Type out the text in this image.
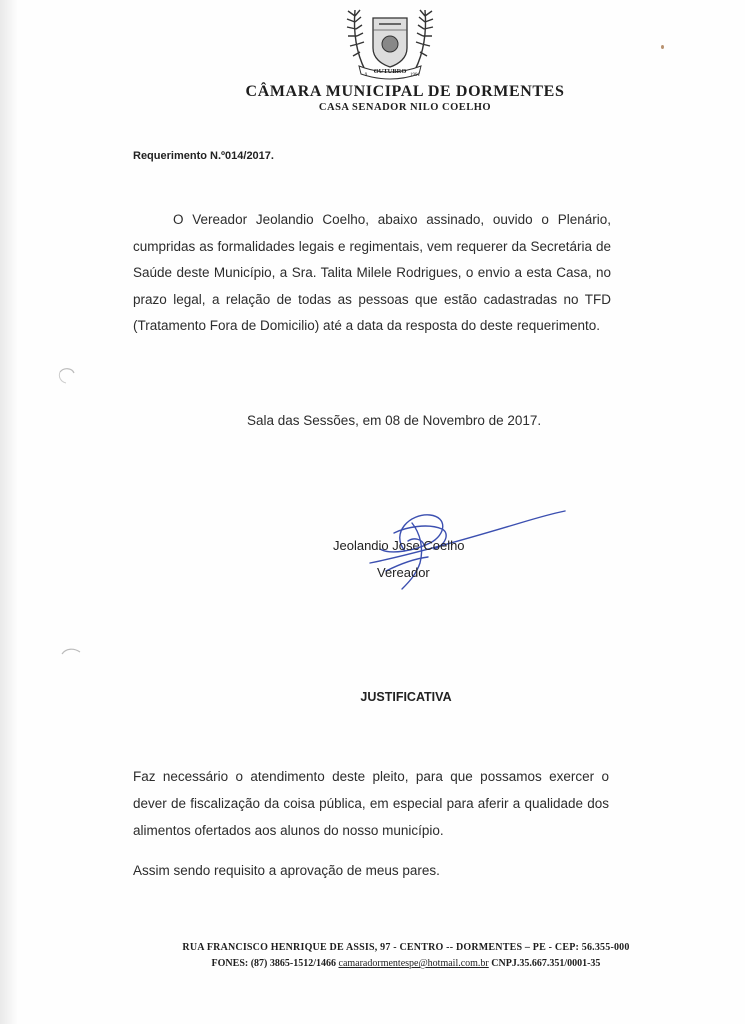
OUTUBRO
9	1991
CÂMARA MUNICIPAL DE DORMENTES
CASA SENADOR NILO COELHO
Requerimento N.º014/2017.
O Vereador Jeolandio Coelho, abaixo assinado, ouvido o Plenário, cumpridas as formalidades legais e regimentais, vem requerer da Secretária de Saúde deste Município, a Sra. Talita Milele Rodrigues, o envio a esta Casa, no prazo legal, a relação de todas as pessoas que estão cadastradas no TFD (Tratamento Fora de Domicilio) até a data da resposta do deste requerimento.
Sala das Sessões, em 08 de Novembro de 2017.
Jeolandio Jose Coelho
Vereador
JUSTIFICATIVA
Faz necessário o atendimento deste pleito, para que possamos exercer o dever de fiscalização da coisa pública, em especial para aferir a qualidade dos alimentos ofertados aos alunos do nosso município.
Assim sendo requisito a aprovação de meus pares.
RUA FRANCISCO HENRIQUE DE ASSIS, 97 - CENTRO -- DORMENTES – PE - CEP: 56.355-000
FONES: (87) 3865-1512/1466 camaradormentespe@hotmail.com.br CNPJ.35.667.351/0001-35
